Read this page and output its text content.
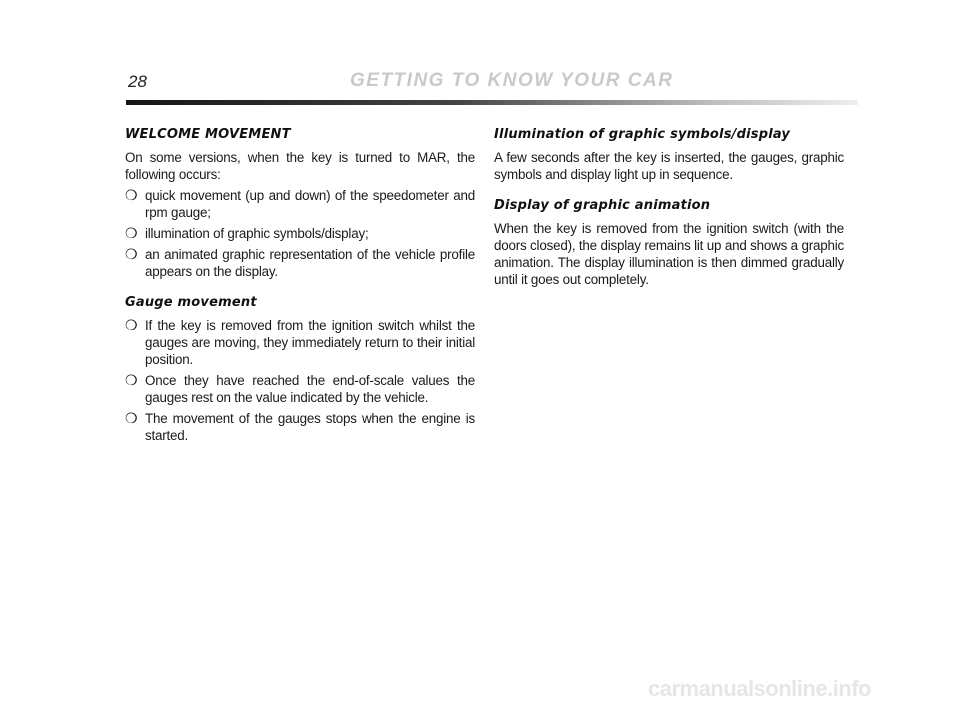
28	GETTING TO KNOW YOUR CAR
WELCOME MOVEMENT

On some versions, when the key is turned to MAR, the following occurs:

❍ quick movement (up and down) of the speedometer and rpm gauge;
❍ illumination of graphic symbols/display;
❍ an animated graphic representation of the vehicle profile appears on the display.
Gauge movement
❍ If the key is removed from the ignition switch whilst the gauges are moving, they immediately return to their initial position.
❍ Once they have reached the end-of-scale values the gauges rest on the value indicated by the vehicle.
❍ The movement of the gauges stops when the engine is started.
Illumination of graphic symbols/display

A few seconds after the key is inserted, the gauges, graphic symbols and display light up in sequence.

Display of graphic animation

When the key is removed from the ignition switch (with the doors closed), the display remains lit up and shows a graphic animation. The display illumination is then dimmed gradually until it goes out completely.

carmanualsonline.info
